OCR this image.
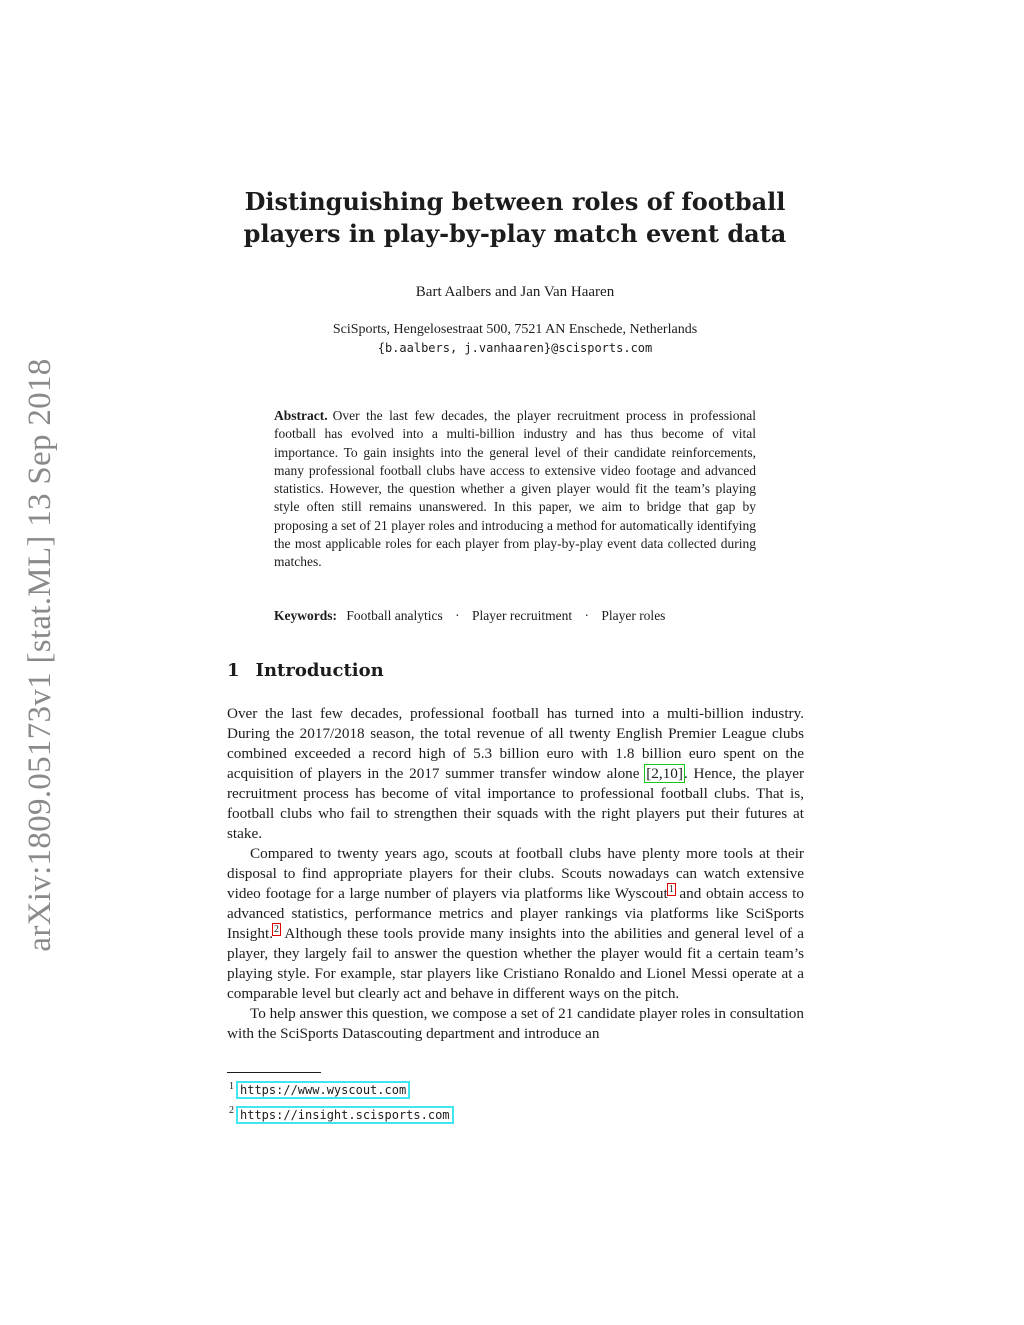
arXiv:1809.05173v1 [stat.ML] 13 Sep 2018
Distinguishing between roles of football
players in play-by-play match event data
Bart Aalbers and Jan Van Haaren
SciSports, Hengelosestraat 500, 7521 AN Enschede, Netherlands
{b.aalbers, j.vanhaaren}@scisports.com
Abstract. Over the last few decades, the player recruitment process in professional football has evolved into a multi-billion industry and has thus become of vital importance. To gain insights into the general level of their candidate reinforcements, many professional football clubs have access to extensive video footage and advanced statistics. However, the question whether a given player would fit the team’s playing style often still remains unanswered. In this paper, we aim to bridge that gap by proposing a set of 21 player roles and introducing a method for automatically identifying the most applicable roles for each player from play-by-play event data collected during matches.
Keywords: Football analytics · Player recruitment · Player roles
1 Introduction

Over the last few decades, professional football has turned into a multi-billion industry. During the 2017/2018 season, the total revenue of all twenty English Premier League clubs combined exceeded a record high of 5.3 billion euro with 1.8 billion euro spent on the acquisition of players in the 2017 summer transfer window alone [2,10]. Hence, the player recruitment process has become of vital importance to professional football clubs. That is, football clubs who fail to strengthen their squads with the right players put their futures at stake.

Compared to twenty years ago, scouts at football clubs have plenty more tools at their disposal to find appropriate players for their clubs. Scouts nowadays can watch extensive video footage for a large number of players via platforms like Wyscout$^1$ and obtain access to advanced statistics, performance metrics and player rankings via platforms like SciSports Insight.$^2$ Although these tools provide many insights into the abilities and general level of a player, they largely fail to answer the question whether the player would fit a certain team’s playing style. For example, star players like Cristiano Ronaldo and Lionel Messi operate at a comparable level but clearly act and behave in different ways on the pitch.

To help answer this question, we compose a set of 21 candidate player roles in consultation with the SciSports Datascouting department and introduce an

$^1$ https://www.wyscout.com
$^2$ https://insight.scisports.com
